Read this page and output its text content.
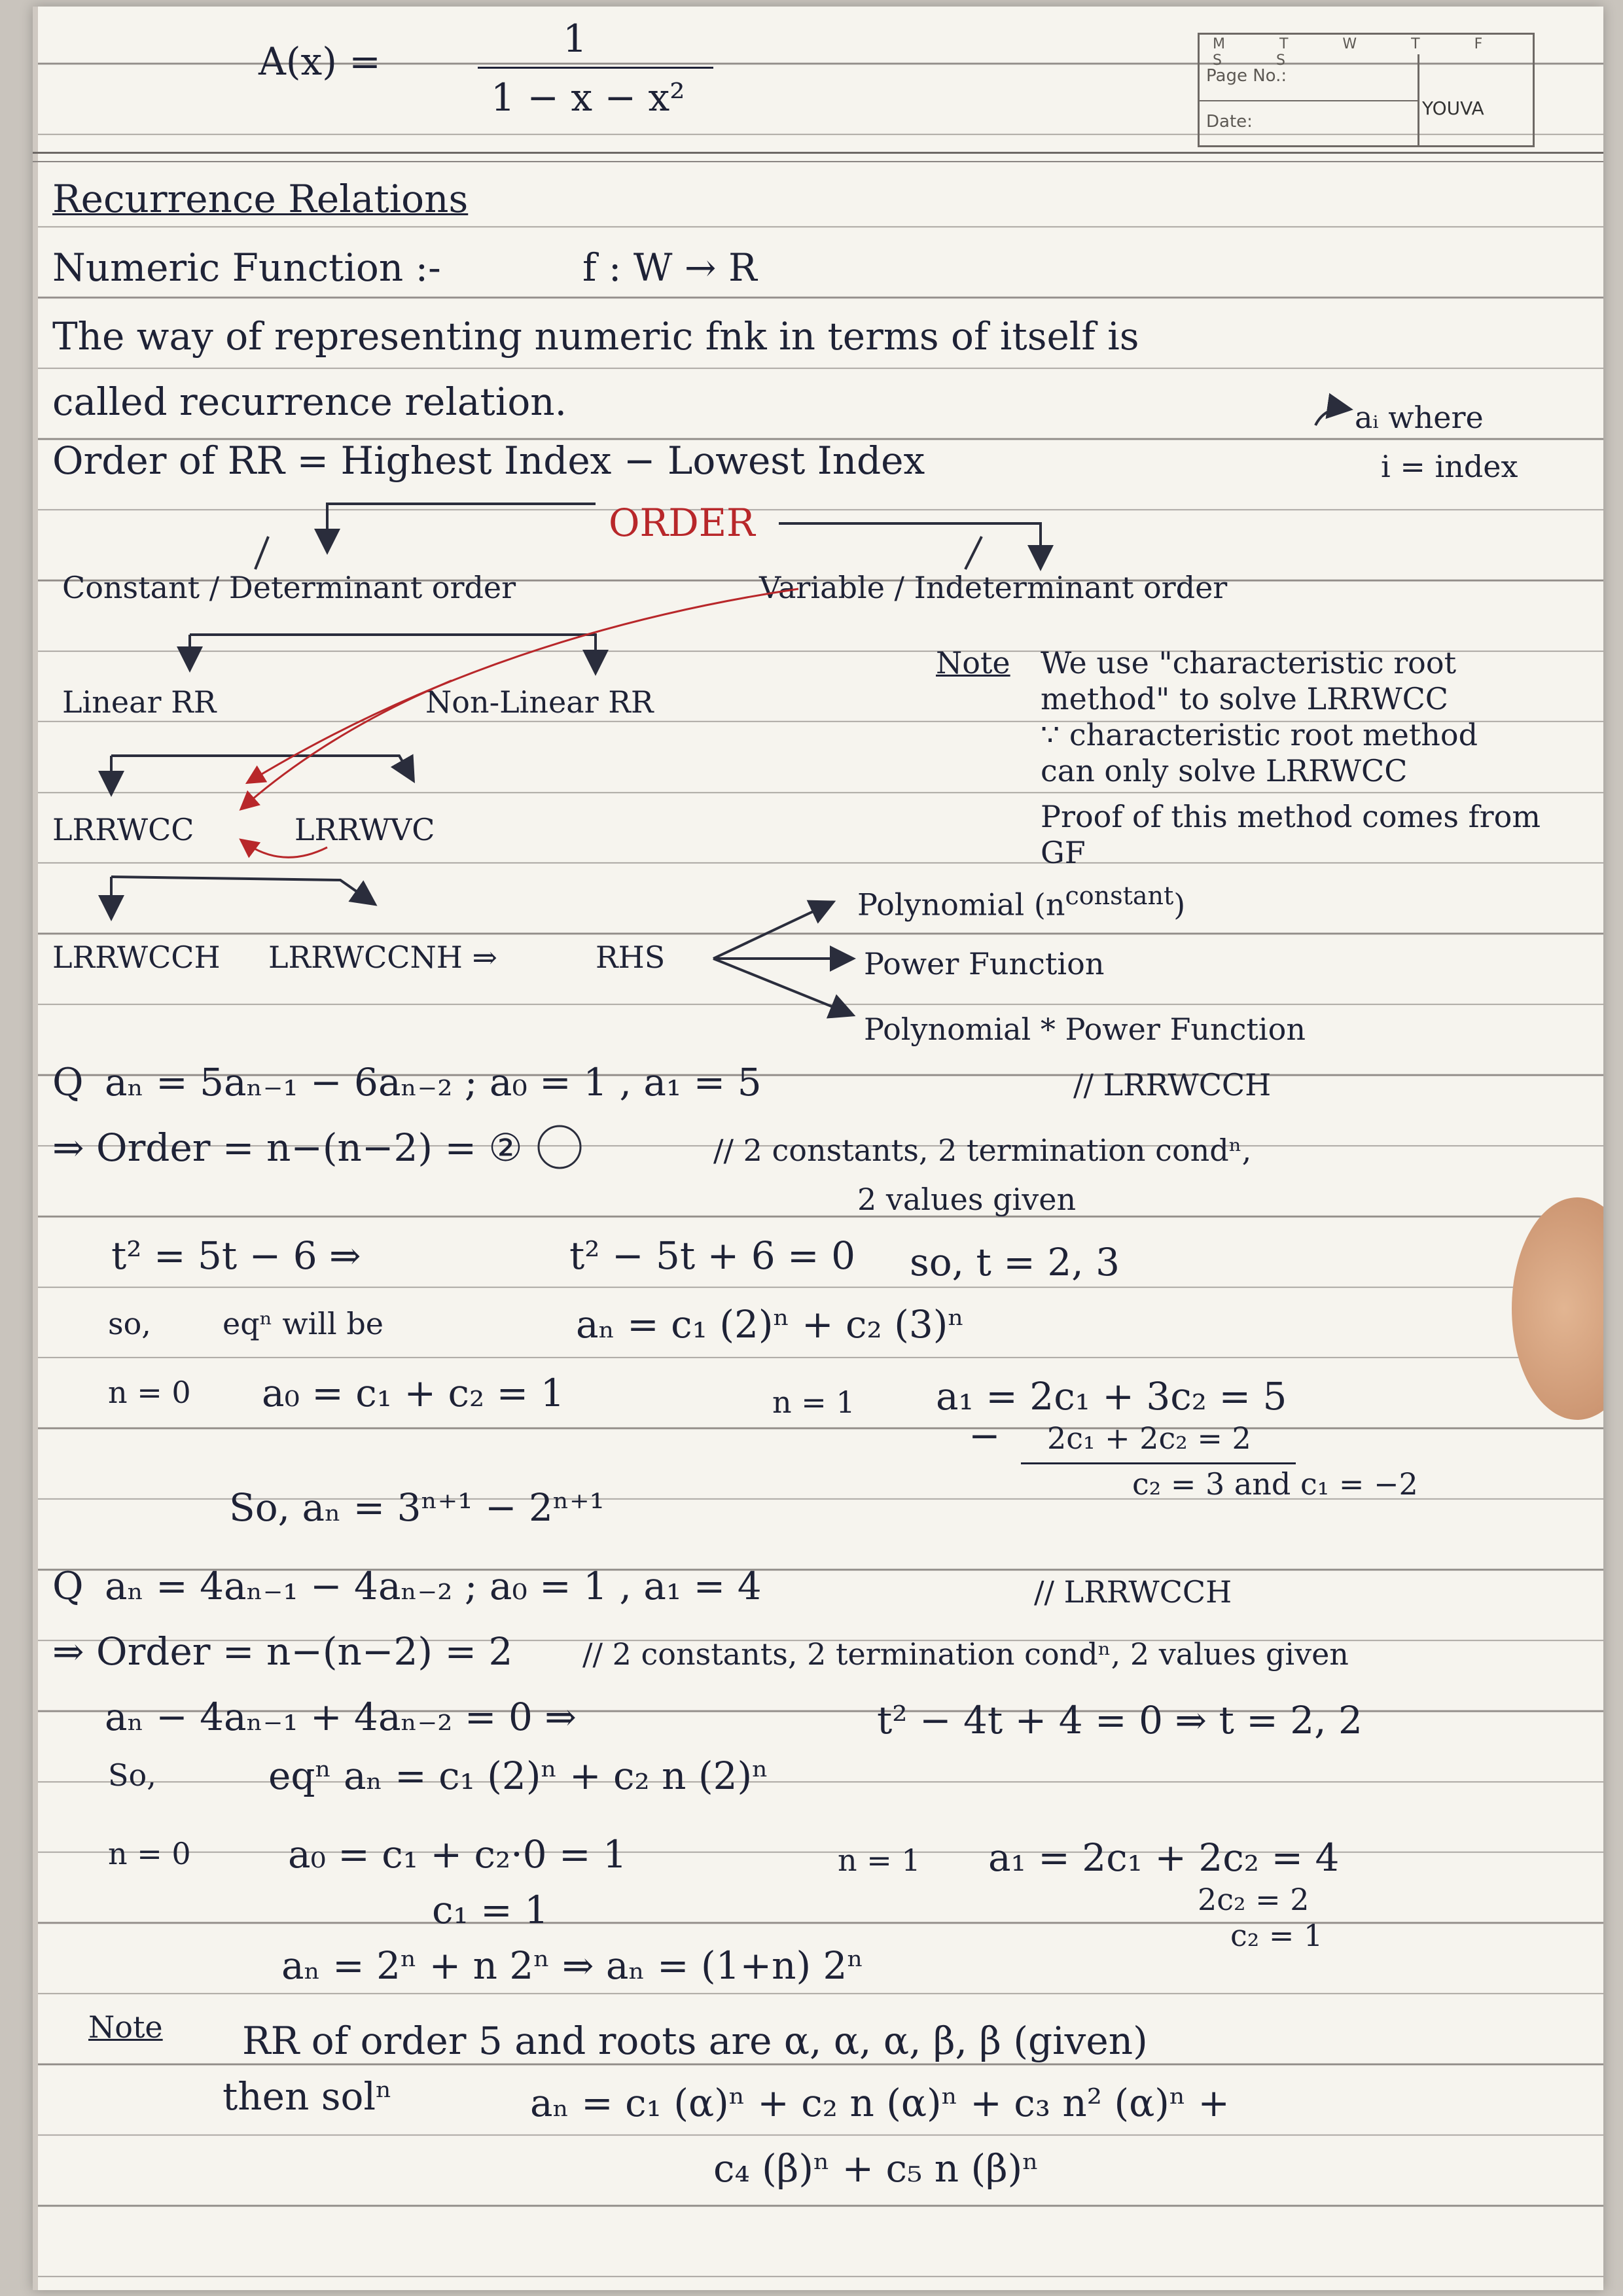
A(x) =
1
1 − x − x²
M T W T F S S
Page No.:
Date:
YOUVA
Recurrence Relations
Numeric Function :-	f : W → R
The way of representing numeric fnk in terms of itself is
called recurrence relation.
Order of RR = Highest Index − Lowest Index
aᵢ where
i = index
ORDER
Constant / Determinant order	Variable / Indeterminant order
Linear RR	Non-Linear RR
LRRWCC	LRRWVC
LRRWCCH LRRWCCNH ⇒	RHS
Polynomial $(n^{constant})$
Power Function
Polynomial * Power Function
Note We use "characteristic root
method" to solve LRRWCC
∵ characteristic root method
can only solve LRRWCC
Proof of this method comes from
GF
Q aₙ = 5aₙ₋₁ − 6aₙ₋₂ ; a₀ = 1 , a₁ = 5	// LRRWCCH
⇒ Order = n−(n−2) = ②	// 2 constants, 2 termination condⁿ,
2 values given
t² = 5t − 6 ⇒	t² − 5t + 6 = 0 so, t = 2, 3
so, eqⁿ will be	aₙ = c₁ (2)ⁿ + c₂ (3)ⁿ
n = 0 a₀ = c₁ + c₂ = 1	n = 1 a₁ = 2c₁ + 3c₂ = 5
− 2c₁ + 2c₂ = 2
c₂ = 3 and c₁ = −2
So, aₙ = 3ⁿ⁺¹ − 2ⁿ⁺¹
Q aₙ = 4aₙ₋₁ − 4aₙ₋₂ ; a₀ = 1 , a₁ = 4	// LRRWCCH
⇒ Order = n−(n−2) = 2 // 2 constants, 2 termination condⁿ, 2 values given
aₙ − 4aₙ₋₁ + 4aₙ₋₂ = 0 ⇒	t² − 4t + 4 = 0 ⇒ t = 2, 2
So,	eqⁿ aₙ = c₁ (2)ⁿ + c₂ n (2)ⁿ
n = 0	a₀ = c₁ + c₂·0 = 1
c₁ = 1
n = 1 a₁ = 2c₁ + 2c₂ = 4
2c₂ = 2
c₂ = 1
aₙ = 2ⁿ + n 2ⁿ ⇒ aₙ = (1+n) 2ⁿ
Note RR of order 5 and roots are α, α, α, β, β (given)
then solⁿ	aₙ = c₁ (α)ⁿ + c₂ n (α)ⁿ + c₃ n² (α)ⁿ +
c₄ (β)ⁿ + c₅ n (β)ⁿ
